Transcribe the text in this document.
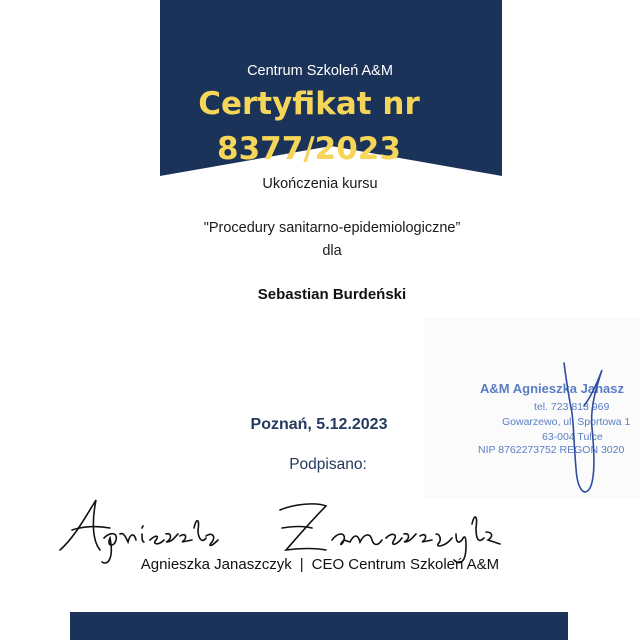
Centrum Szkoleń A&M
Certyfikat nr
8377/2023
Ukończenia kursu
"Procedury sanitarno-epidemiologiczne”
dla
Sebastian Burdeński
A&M Agnieszka Janasz
tel. 723 813 969
Gowarzewo, ul. Sportowa 1
63-004 Tulce
NIP 8762273752 REGON 3020
Poznań, 5.12.2023
Podpisano:
Agnieszka Janaszczyk | CEO Centrum Szkoleń A&M
